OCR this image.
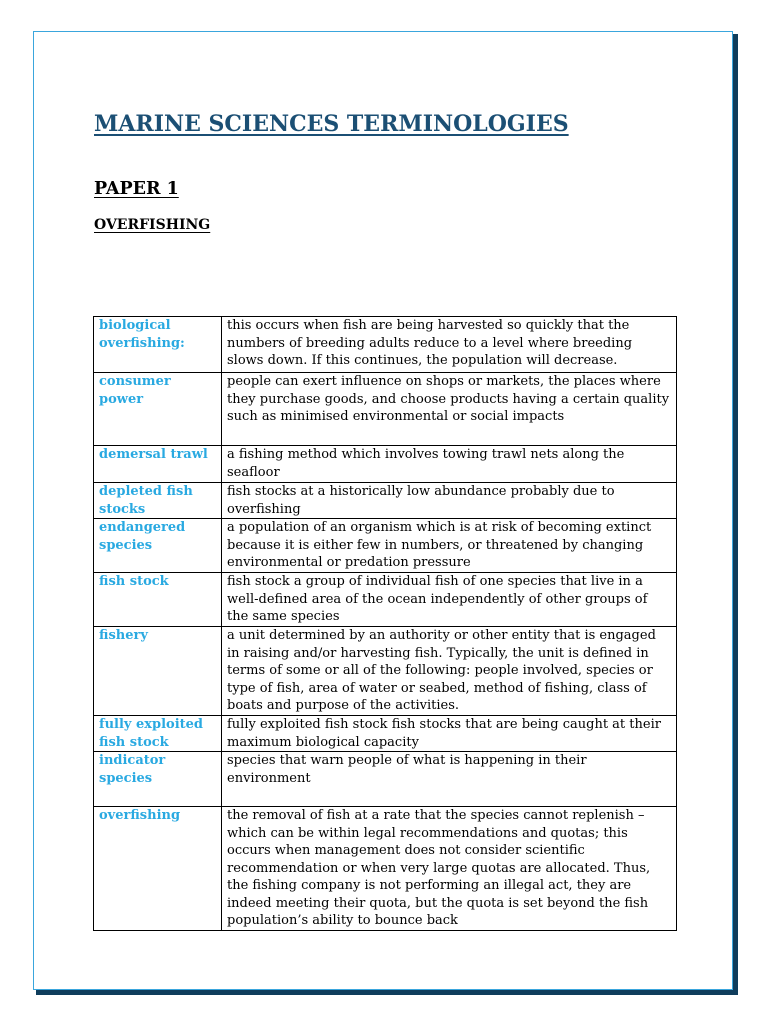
MARINE SCIENCES TERMINOLOGIES
PAPER 1
OVERFISHING
biological overfishing:	this occurs when fish are being harvested so quickly that the numbers of breeding adults reduce to a level where breeding slows down. If this continues, the population will decrease.
consumer power	people can exert influence on shops or markets, the places where they purchase goods, and choose products having a certain quality such as minimised environmental or social impacts
demersal trawl	a fishing method which involves towing trawl nets along the seafloor
depleted fish stocks	fish stocks at a historically low abundance probably due to overfishing
endangered species	a population of an organism which is at risk of becoming extinct because it is either few in numbers, or threatened by changing environmental or predation pressure
fish stock	fish stock a group of individual fish of one species that live in a well-defined area of the ocean independently of other groups of the same species
fishery	a unit determined by an authority or other entity that is engaged in raising and/or harvesting fish. Typically, the unit is defined in terms of some or all of the following: people involved, species or type of fish, area of water or seabed, method of fishing, class of boats and purpose of the activities.
fully exploited fish stock	fully exploited fish stock fish stocks that are being caught at their maximum biological capacity
indicator species	species that warn people of what is happening in their environment
overfishing	the removal of fish at a rate that the species cannot replenish – which can be within legal recommendations and quotas; this occurs when management does not consider scientific recommendation or when very large quotas are allocated. Thus, the fishing company is not performing an illegal act, they are indeed meeting their quota, but the quota is set beyond the fish population’s ability to bounce back
